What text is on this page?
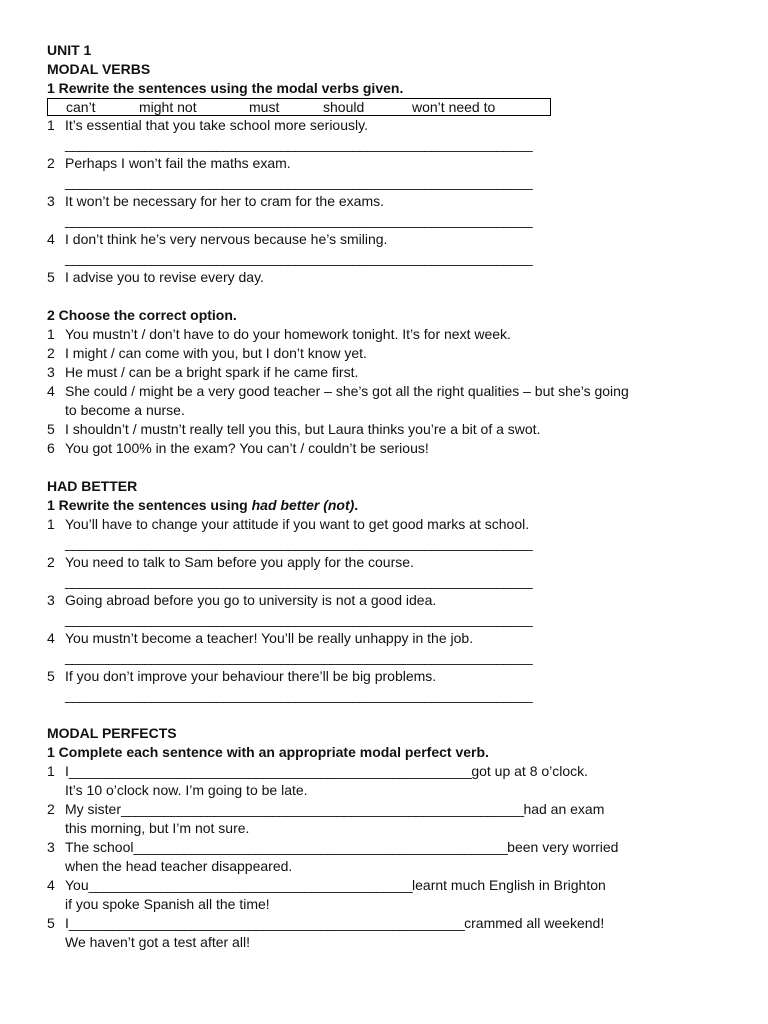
UNIT 1
MODAL VERBS
1 Rewrite the sentences using the modal verbs given.
can’t	might not	must	should	won’t need to
1 It’s essential that you take school more seriously.
_________________________________________________________________
2 Perhaps I won’t fail the maths exam.
_________________________________________________________________
3 It won’t be necessary for her to cram for the exams.
_________________________________________________________________
4 I don’t think he’s very nervous because he’s smiling.
_________________________________________________________________
5 I advise you to revise every day.
2 Choose the correct option.
1 You mustn’t / don’t have to do your homework tonight. It’s for next week.
2 I might / can come with you, but I don’t know yet.
3 He must / can be a bright spark if he came first.
4 She could / might be a very good teacher – she’s got all the right qualities – but she’s going
to become a nurse.
5 I shouldn’t / mustn’t really tell you this, but Laura thinks you’re a bit of a swot.
6 You got 100% in the exam? You can’t / couldn’t be serious!
HAD BETTER
1 Rewrite the sentences using had better (not).
1 You’ll have to change your attitude if you want to get good marks at school.
_________________________________________________________________
2 You need to talk to Sam before you apply for the course.
_________________________________________________________________
3 Going abroad before you go to university is not a good idea.
_________________________________________________________________
4 You mustn’t become a teacher! You’ll be really unhappy in the job.
_________________________________________________________________
5 If you don’t improve your behaviour there’ll be big problems.
_________________________________________________________________
MODAL PERFECTS
1 Complete each sentence with an appropriate modal perfect verb.
1 I ________________________________________________________ got up at 8 o’clock.
It’s 10 o’clock now. I’m going to be late.
2 My sister ________________________________________________________ had an exam
this morning, but I’m not sure.
3 The school ____________________________________________________ been very worried
when the head teacher disappeared.
4 You _____________________________________________ learnt much English in Brighton
if you spoke Spanish all the time!
5 I _______________________________________________________ crammed all weekend!
We haven’t got a test after all!
